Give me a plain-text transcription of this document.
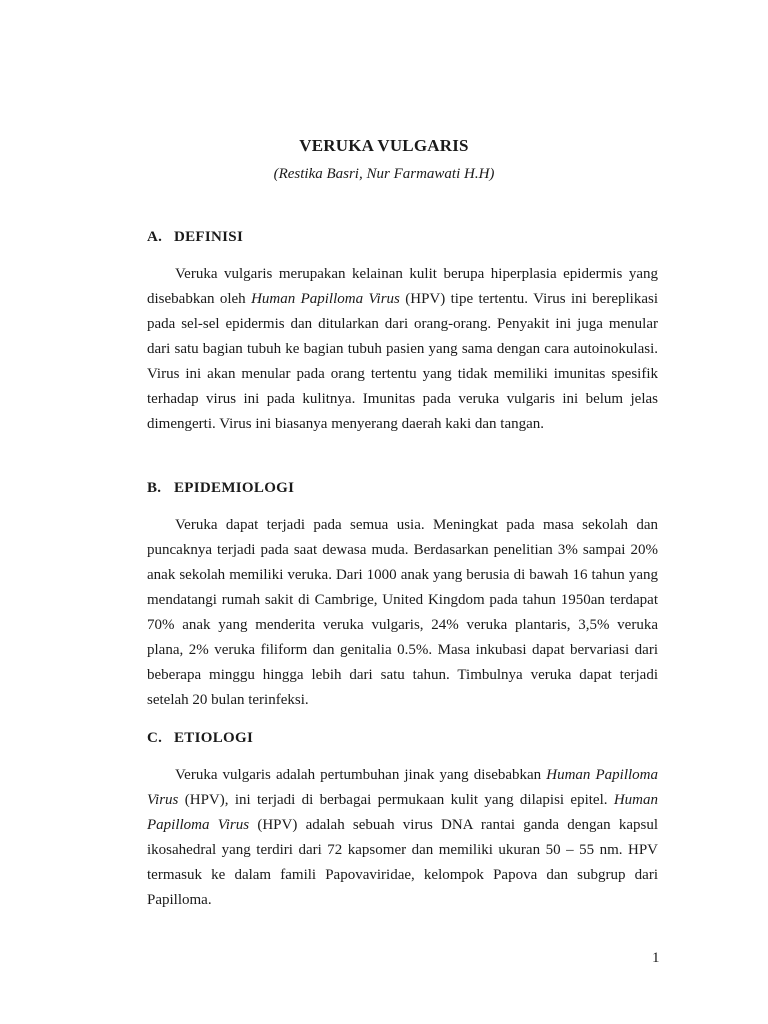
VERUKA VULGARIS
(Restika Basri, Nur Farmawati H.H)
A. DEFINISI

Veruka vulgaris merupakan kelainan kulit berupa hiperplasia epidermis yang disebabkan oleh Human Papilloma Virus (HPV) tipe tertentu. Virus ini bereplikasi pada sel-sel epidermis dan ditularkan dari orang-orang. Penyakit ini juga menular dari satu bagian tubuh ke bagian tubuh pasien yang sama dengan cara autoinokulasi. Virus ini akan menular pada orang tertentu yang tidak memiliki imunitas spesifik terhadap virus ini pada kulitnya. Imunitas pada veruka vulgaris ini belum jelas dimengerti. Virus ini biasanya menyerang daerah kaki dan tangan.

B. EPIDEMIOLOGI

Veruka dapat terjadi pada semua usia. Meningkat pada masa sekolah dan puncaknya terjadi pada saat dewasa muda. Berdasarkan penelitian 3% sampai 20% anak sekolah memiliki veruka. Dari 1000 anak yang berusia di bawah 16 tahun yang mendatangi rumah sakit di Cambrige, United Kingdom pada tahun 1950an terdapat 70% anak yang menderita veruka vulgaris, 24% veruka plantaris, 3,5% veruka plana, 2% veruka filiform dan genitalia 0.5%. Masa inkubasi dapat bervariasi dari beberapa minggu hingga lebih dari satu tahun. Timbulnya veruka dapat terjadi setelah 20 bulan terinfeksi.

C. ETIOLOGI

Veruka vulgaris adalah pertumbuhan jinak yang disebabkan Human Papilloma Virus (HPV), ini terjadi di berbagai permukaan kulit yang dilapisi epitel. Human Papilloma Virus (HPV) adalah sebuah virus DNA rantai ganda dengan kapsul ikosahedral yang terdiri dari 72 kapsomer dan memiliki ukuran 50 – 55 nm. HPV termasuk ke dalam famili Papovaviridae, kelompok Papova dan subgrup dari Papilloma.

1
